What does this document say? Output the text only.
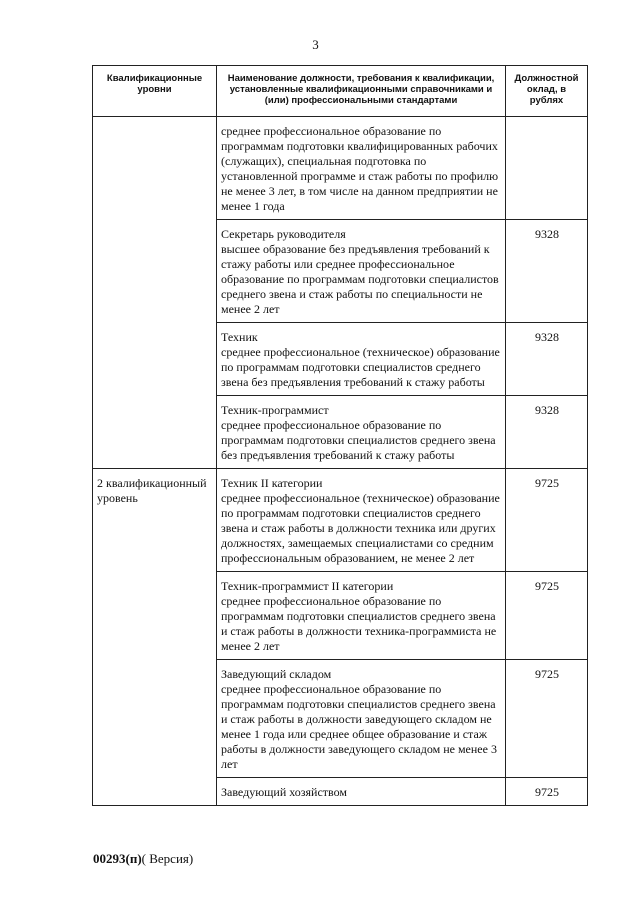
3
Квалификационные уровни	Наименование должности, требования к квалификации, установленные квалификационными справочниками и (или) профессиональными стандартами	Должностной оклад, в рублях

	среднее профессиональное образование по программам подготовки квалифицированных рабочих (служащих), специальная подготовка по установленной программе и стаж работы по профилю не менее 3 лет, в том числе на данном предприятии не менее 1 года	

	Секретарь руководителя
высшее образование без предъявления требований к стажу работы или среднее профессиональное образование по программам подготовки специалистов среднего звена и стаж работы по специальности не менее 2 лет	9328

	Техник
среднее профессиональное (техническое) образование по программам подготовки специалистов среднего звена без предъявления требований к стажу работы	9328

	Техник-программист
среднее профессиональное образование по программам подготовки специалистов среднего звена без предъявления требований к стажу работы	9328
2 квалификационный уровень	Техник II категории
среднее профессиональное (техническое) образование по программам подготовки специалистов среднего звена и стаж работы в должности техника или других должностях, замещаемых специалистами со средним профессиональным образованием, не менее 2 лет	9725

	Техник-программист II категории
среднее профессиональное образование по программам подготовки специалистов среднего звена и стаж работы в должности техника-программиста не менее 2 лет	9725

	Заведующий складом
среднее профессиональное образование по программам подготовки специалистов среднего звена и стаж работы в должности заведующего складом не менее 1 года или среднее общее образование и стаж работы в должности заведующего складом не менее 3 лет	9725

	Заведующий хозяйством	9725
00293(п)( Версия)
